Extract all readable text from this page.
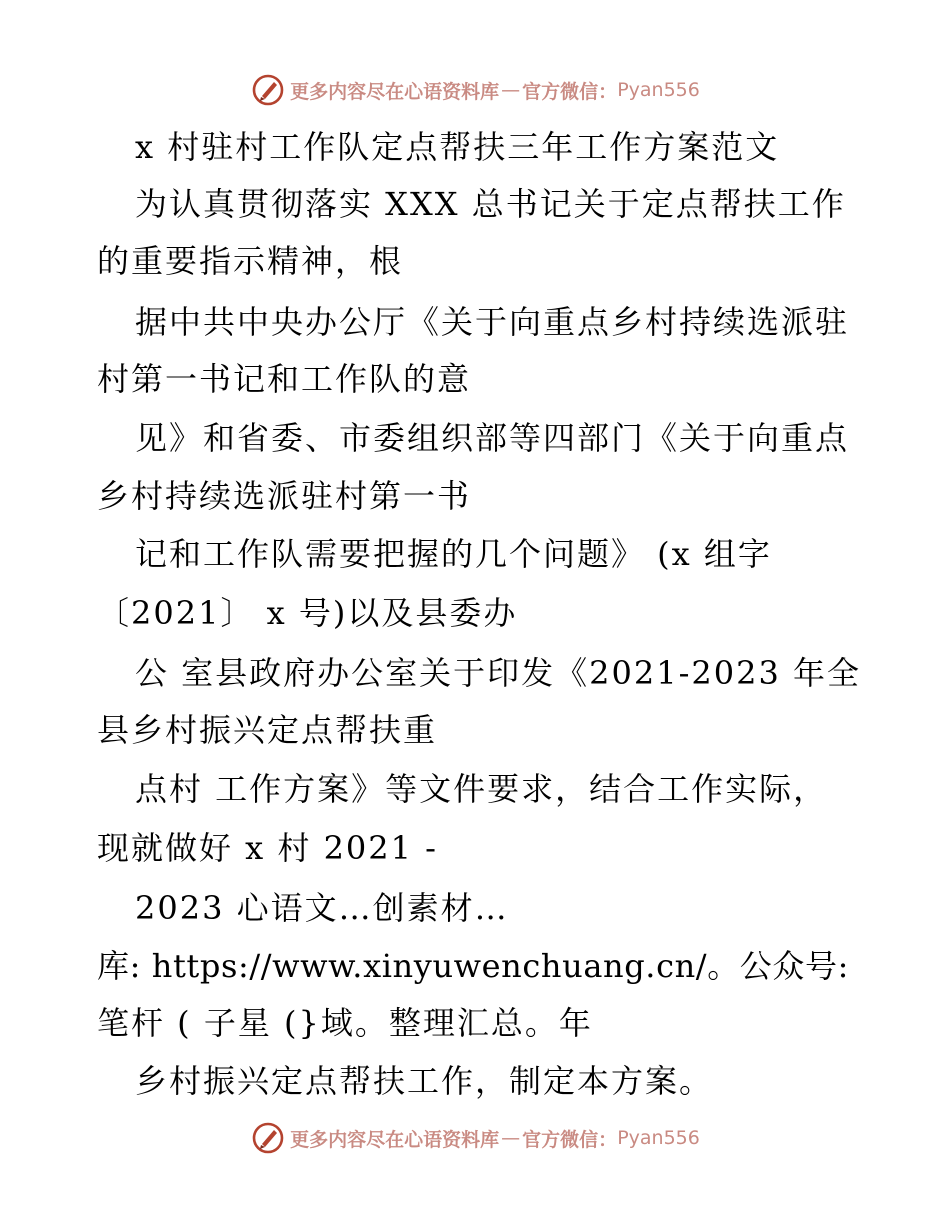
更多内容尽在心语资料库 — 官方微信： Pyan556
x 村驻村工作队定点帮扶三年工作方案范文
为认真贯彻落实 XXX 总书记关于定点帮扶工作
的重要指示精神，根
据中共中央办公厅《关于向重点乡村持续选派驻
村第一书记和工作队的意
见》和省委、市委组织部等四部门《关于向重点
乡村持续选派驻村第一书
记和工作队需要把握的几个问题》 (x 组字
〔2021〕 x 号)以及县委办
公 室县政府办公室关于印发《2021-2023 年全
县乡村振兴定点帮扶重
点村 工作方案》等文件要求，结合工作实际，
现就做好 x 村 2021 -
2023 心语文…创素材…
库: https://www.xinyuwenchuang.cn/。公众号:
笔杆 ( 子星 (}域。整理汇总。年
乡村振兴定点帮扶工作，制定本方案。
更多内容尽在心语资料库 — 官方微信： Pyan556
